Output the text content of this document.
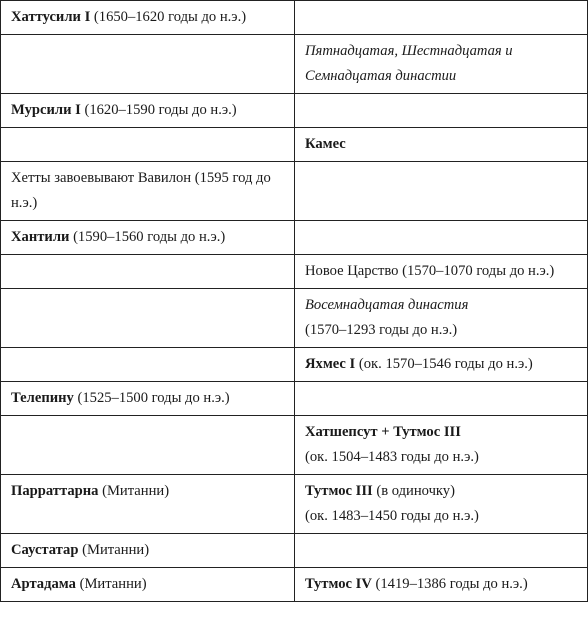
Хаттусили I (1650–1620 годы до н.э.)	
	Пятнадцатая, Шестнадцатая и Семнадцатая династии
Мурсили I (1620–1590 годы до н.э.)	
	Камес
Хетты завоевывают Вавилон (1595 год до н.э.)	
Хантили (1590–1560 годы до н.э.)	
	Новое Царство (1570–1070 годы до н.э.)
	Восемнадцатая династия
(1570–1293 годы до н.э.)
	Яхмес I (ок. 1570–1546 годы до н.э.)
Телепину (1525–1500 годы до н.э.)	
	Хатшепсут + Тутмос III
(ок. 1504–1483 годы до н.э.)
Парраттарна (Митанни)	Тутмос III (в одиночку)
(ок. 1483–1450 годы до н.э.)
Саустатар (Митанни)	
Артадама (Митанни)	Тутмос IV (1419–1386 годы до н.э.)
